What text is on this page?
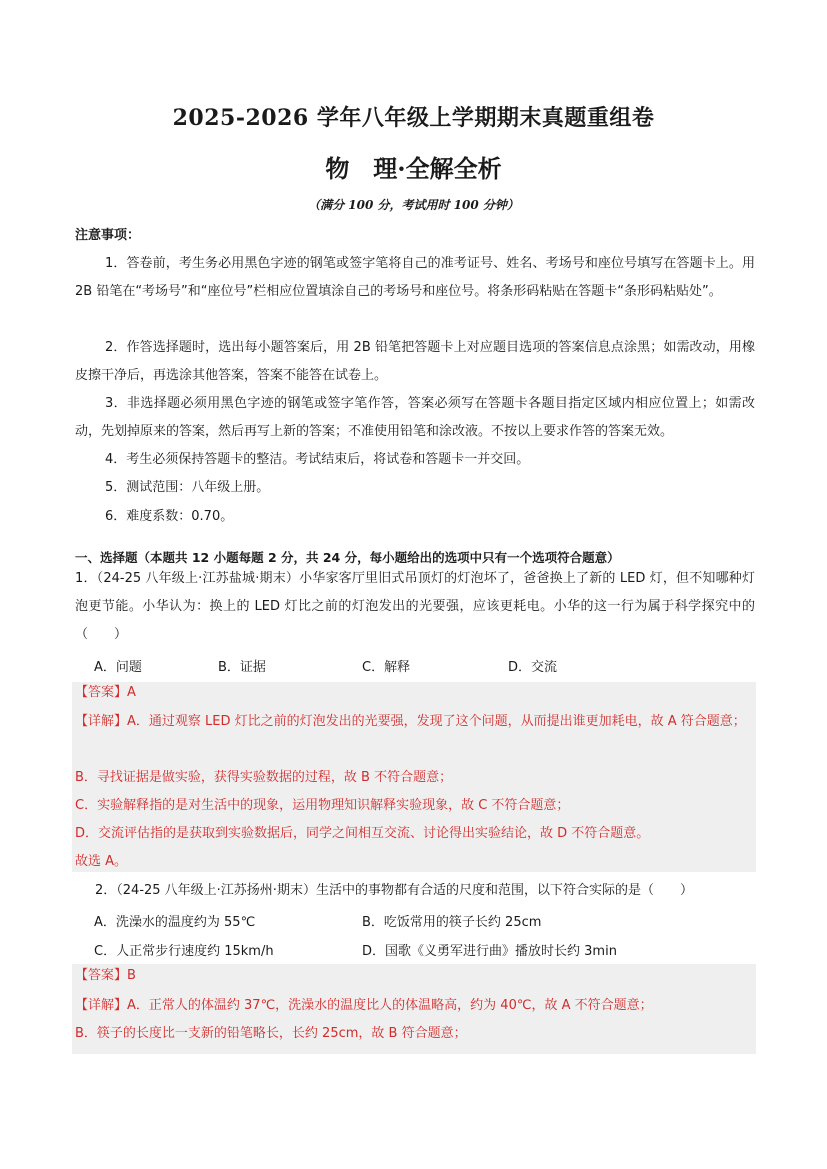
2025-2026 学年八年级上学期期末真题重组卷
物　理·全解全析
（满分 100 分，考试用时 100 分钟）
注意事项：
1．答卷前，考生务必用黑色字迹的钢笔或签字笔将自己的准考证号、姓名、考场号和座位号填写在答题卡上。用 2B 铅笔在“考场号”和“座位号”栏相应位置填涂自己的考场号和座位号。将条形码粘贴在答题卡“条形码粘贴处”。
2．作答选择题时，选出每小题答案后，用 2B 铅笔把答题卡上对应题目选项的答案信息点涂黑；如需改动，用橡皮擦干净后，再选涂其他答案，答案不能答在试卷上。
3．非选择题必须用黑色字迹的钢笔或签字笔作答，答案必须写在答题卡各题目指定区域内相应位置上；如需改动，先划掉原来的答案，然后再写上新的答案；不准使用铅笔和涂改液。不按以上要求作答的答案无效。
4．考生必须保持答题卡的整洁。考试结束后，将试卷和答题卡一并交回。
5．测试范围：八年级上册。
6．难度系数：0.70。
一、选择题（本题共 12 小题每题 2 分，共 24 分，每小题给出的选项中只有一个选项符合题意）
1．（24-25 八年级上·江苏盐城·期末）小华家客厅里旧式吊顶灯的灯泡坏了，爸爸换上了新的 LED 灯，但不知哪种灯泡更节能。小华认为：换上的 LED 灯比之前的灯泡发出的光要强，应该更耗电。小华的这一行为属于科学探究中的（　　）
A．问题	B．证据	C．解释	D．交流
【答案】A
【详解】A．通过观察 LED 灯比之前的灯泡发出的光要强，发现了这个问题，从而提出谁更加耗电，故 A 符合题意；
B．寻找证据是做实验，获得实验数据的过程，故 B 不符合题意；
C．实验解释指的是对生活中的现象，运用物理知识解释实验现象，故 C 不符合题意；
D．交流评估指的是获取到实验数据后，同学之间相互交流、讨论得出实验结论，故 D 不符合题意。
故选 A。
2．（24-25 八年级上·江苏扬州·期末）生活中的事物都有合适的尺度和范围，以下符合实际的是（　　）
A．洗澡水的温度约为 55℃	B．吃饭常用的筷子长约 25cm
C．人正常步行速度约 15km/h	D．国歌《义勇军进行曲》播放时长约 3min
【答案】B
【详解】A．正常人的体温约 37℃，洗澡水的温度比人的体温略高，约为 40℃，故 A 不符合题意；
B．筷子的长度比一支新的铅笔略长，长约 25cm，故 B 符合题意；
